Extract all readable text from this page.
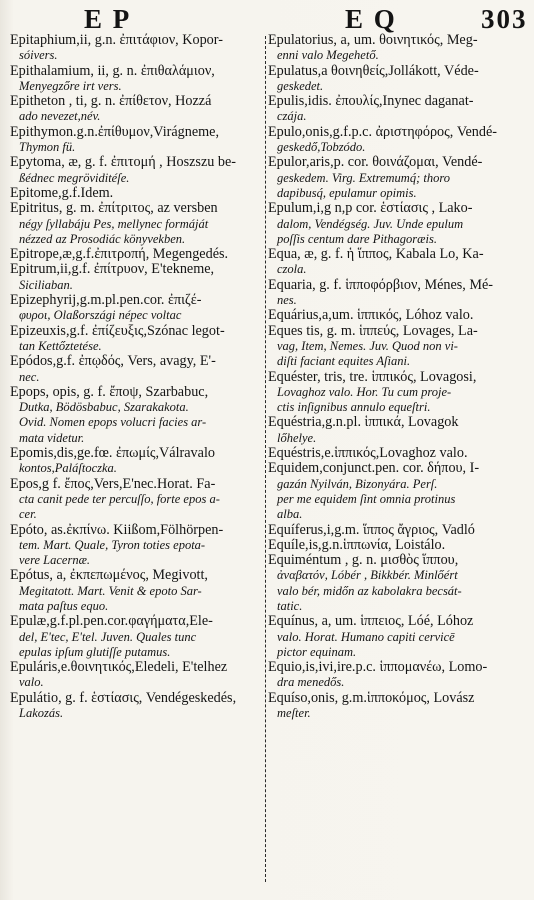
E P	E Q	303

Epitaphium,ii, g.n. ἐπιτάφιον, Kopor-
sóivers.

Epithalamium, ii, g. n. ἐπιθαλάμιον,
Menyegzőre irt vers.

Epitheton , ti, g. n. ἐπίθετον, Hozzá
ado nevezet,név.

Epithymon.g.n.ἐπίθυμον,Virágneme,
Thymon fü.

Epytoma, æ, g. f. ἐπιτομή , Hoszszu be-
ßédnec megröviditéſe.

Epitome,g.f.Idem.

Epitritus, g. m. ἐπίτριτος, az versben
négy ſyllabáju Pes, mellynec formáját
nézzed az Prosodiác könyvekben.

Epitrope,æ,g.f.ἐπιτροπή, Megengedés.

Epitrum,ii,g.f. ἐπίτρυον, E'tekneme,
Siciliaban.

Epizephyrij,g.m.pl.pen.cor. ἐπιζέ-
φυροι, Olaßországi népec voltac

Epizeuxis,g.f. ἐπίζευξις,Szónac legot-
tan Kettőztetése.

Epódos,g.f. ἐπῳδός, Vers, avagy, E'-
nec.

Epops, opis, g. f. ἔποψ, Szarbabuc,
Dutka, Bödösbabuc, Szarakakota.
Ovid. Nomen epops volucri facies ar-
mata videtur.

Epomis,dis,ge.fœ. ἐπωμίς,Válravalo
kontos,Paláſtoczka.

Epos,g f. ἔπος,Vers,E'nec.Horat. Fa-
cta canit pede ter percuſſo, forte epos a-
cer.

Epóto, as.ἐκπίνω. Kiißom,Fölhörpen-
tem. Mart. Quale, Tyron toties epota-
vere Lacernæ.

Epótus, a, ἐκπεπωμένος, Megivott,
Megitatott. Mart. Venit & epoto Sar-
mata paſtus equo.

Epulæ,g.f.pl.pen.cor.φαγήματα,Ele-
del, E'tec, E'tel. Juven. Quales tunc
epulas ipſum glutiſſe putamus.

Epuláris,e.θοινητικός,Eledeli, E'telhez
valo.

Epulátio, g. f. ἑστίασις, Vendégeskedés,
Lakozás.

Epulatorius, a, um. θοινητικός, Meg-
enni valo Megehető.

Epulatus,a θοινηθείς,Jollákott, Véde-
geskedet.

Epulis,idis. ἐπουλίς,Inynec daganat-
czája.

Epulo,onis,g.f.p.c. ἀριστηφόρος, Vendé-
geskedő,Tobzódo.

Epulor,aris,p. cor. θοινάζομαι, Vendé-
geskedem. Virg. Extremumq́; thoro
dapibusq́, epulamur opimis.

Epulum,i,g n,p cor. ἑστίασις , Lako-
dalom, Vendégség. Juv. Unde epulum
poſſis centum dare Pithagoræis.

Equa, æ, g. f. ἡ ἵππος, Kabala Lo, Ka-
czola.

Equaria, g. f. ἱπποφόρβιον, Ménes, Mé-
nes.

Equárius,a,um. ἱππικός, Lóhoz valo.

Eques tis, g. m. ἱππεύς, Lovages, La-
vag, Item, Nemes. Juv. Quod non vi-
diſti faciant equites Aſiani.

Equéster, tris, tre. ἱππικός, Lovagosi,
Lovaghoz valo. Hor. Tu cum proje-
ctis inſignibus annulo equeſtri.

Equéstria,g.n.pl. ἱππικά, Lovagok
lőhelye.

Equéstris,e.ἱππικός,Lovaghoz valo.

Equidem,conjunct.pen. cor. δήπου, I-
gazán Nyilván, Bizonyára. Perſ.
per me equidem ſint omnia protinus
alba.

Equíferus,i,g.m. ἵππος ἄγριος, Vadló

Equíle,is,g.n.ἱππωνία, Loistálo.

Equiméntum , g. n. μισθὸς ἵππου,
ἀναβατόν, Lóbér , Bikkbér. Minlőért
valo bér, midőn az kabolakra becsát-
tatic.

Equínus, a, um. ἱππειος, Lóé, Lóhoz
valo. Horat. Humano capiti cervicē
pictor equinam.

Equio,is,ivi,ire.p.c. ἱππομανέω, Lomo-
dra menedős.

Equíso,onis, g.m.ἱπποκόμος, Lovász
meſter.
